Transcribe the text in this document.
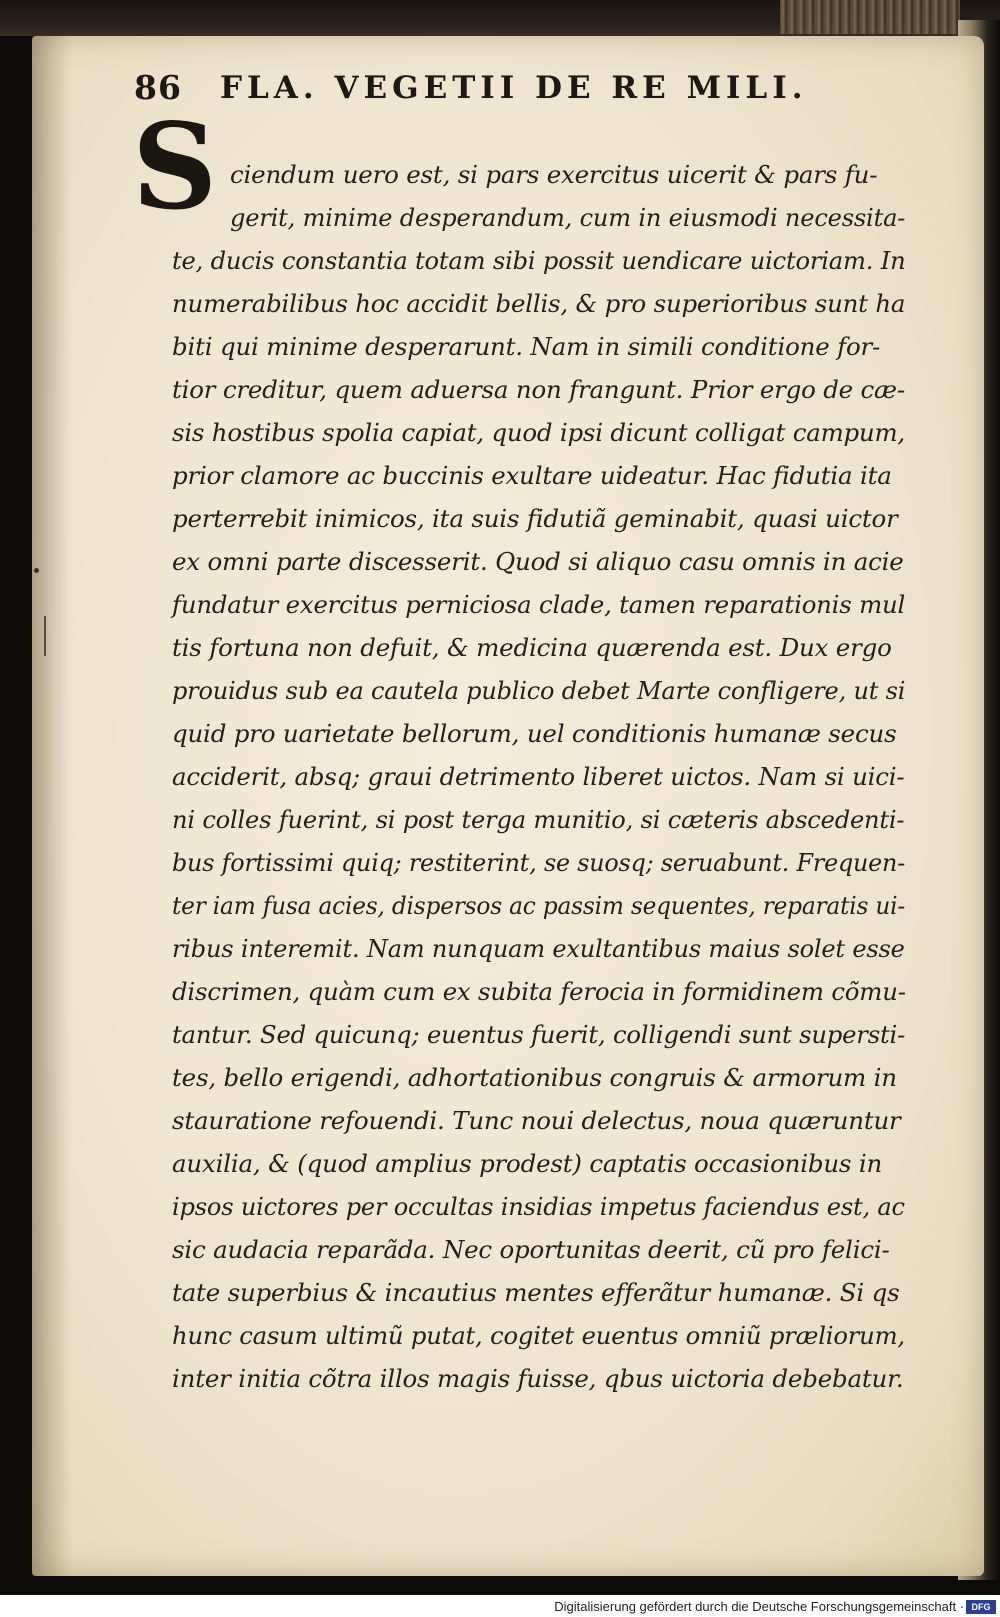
86 FLA. VEGETII DE RE MILI.
S ciendum uero est, si pars exercitus uicerit & pars fu-
gerit, minime desperandum, cum in eiusmodi necessita-
te, ducis constantia totam sibi possit uendicare uictoriam. In
numerabilibus hoc accidit bellis, & pro superioribus sunt ha
biti qui minime desperarunt. Nam in simili conditione for-
tior creditur, quem aduersa non frangunt. Prior ergo de cæ-
sis hostibus spolia capiat, quod ipsi dicunt colligat campum,
prior clamore ac buccinis exultare uideatur. Hac fidutia ita
perterrebit inimicos, ita suis fidutiã geminabit, quasi uictor
ex omni parte discesserit. Quod si aliquo casu omnis in acie
fundatur exercitus perniciosa clade, tamen reparationis mul
tis fortuna non defuit, & medicina quærenda est. Dux ergo
prouidus sub ea cautela publico debet Marte confligere, ut si
quid pro uarietate bellorum, uel conditionis humanæ secus
acciderit, absq; graui detrimento liberet uictos. Nam si uici-
ni colles fuerint, si post terga munitio, si cæteris abscedenti-
bus fortissimi quiq; restiterint, se suosq; seruabunt. Frequen-
ter iam fusa acies, dispersos ac passim sequentes, reparatis ui-
ribus interemit. Nam nunquam exultantibus maius solet esse
discrimen, quàm cum ex subita ferocia in formidinem cõmu-
tantur. Sed quicunq; euentus fuerit, colligendi sunt supersti-
tes, bello erigendi, adhortationibus congruis & armorum in
stauratione refouendi. Tunc noui delectus, noua quæruntur
auxilia, & (quod amplius prodest) captatis occasionibus in
ipsos uictores per occultas insidias impetus faciendus est, ac
sic audacia reparãda. Nec oportunitas deerit, cũ pro felici-
tate superbius & incautius mentes efferãtur humanæ. Si qs
hunc casum ultimũ putat, cogitet euentus omniũ præliorum,
inter initia cõtra illos magis fuisse, qbus uictoria debebatur.
Digitalisierung gefördert durch die Deutsche Forschungsgemeinschaft · DFG
